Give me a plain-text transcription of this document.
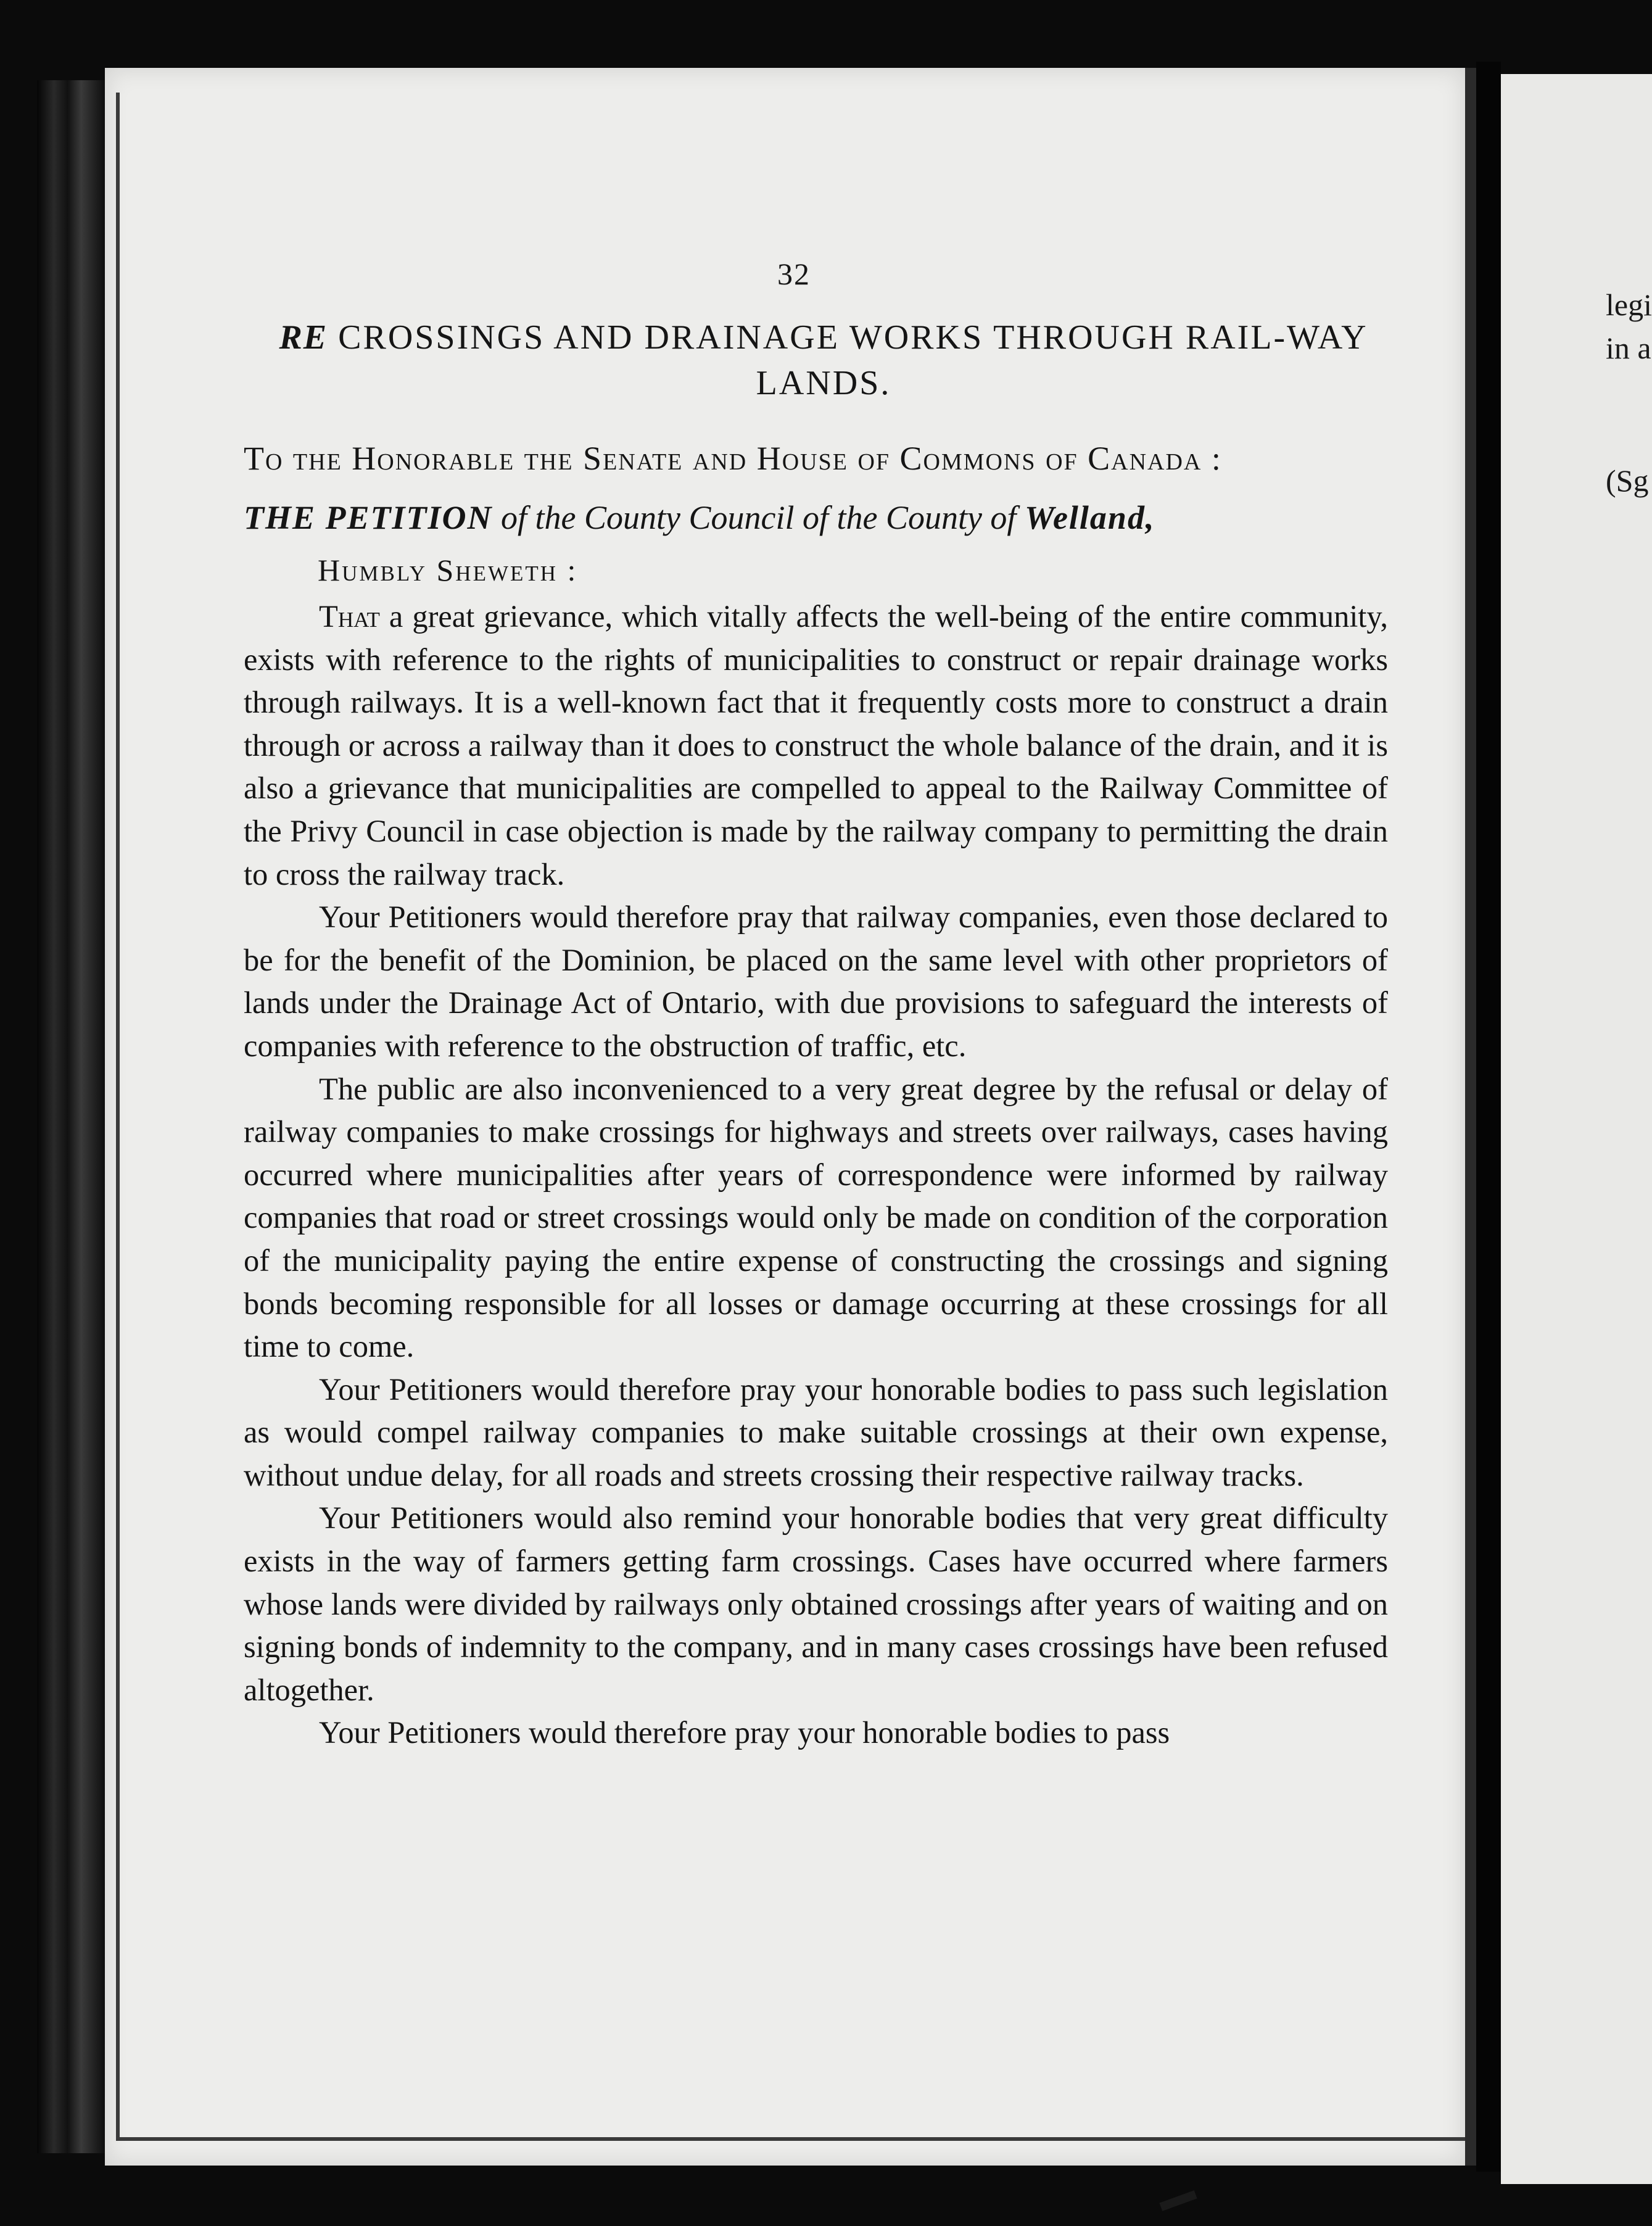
legi
in a
(Sg
32
RE CROSSINGS AND DRAINAGE WORKS THROUGH RAIL-WAY LANDS.
To the Honorable the Senate and House of Commons of Canada :
THE PETITION of the County Council of the County of Welland,
Humbly Sheweth :

That a great grievance, which vitally affects the well-being of the entire community, exists with reference to the rights of municipalities to construct or repair drainage works through railways. It is a well-known fact that it frequently costs more to construct a drain through or across a railway than it does to construct the whole balance of the drain, and it is also a grievance that municipalities are compelled to appeal to the Railway Committee of the Privy Council in case objection is made by the railway company to permitting the drain to cross the railway track.

Your Petitioners would therefore pray that railway companies, even those declared to be for the benefit of the Dominion, be placed on the same level with other proprietors of lands under the Drainage Act of Ontario, with due provisions to safeguard the interests of companies with reference to the obstruction of traffic, etc.

The public are also inconvenienced to a very great degree by the refusal or delay of railway companies to make crossings for highways and streets over railways, cases having occurred where municipalities after years of correspondence were informed by railway companies that road or street crossings would only be made on condition of the corporation of the municipality paying the entire expense of constructing the crossings and signing bonds becoming responsible for all losses or damage occurring at these crossings for all time to come.

Your Petitioners would therefore pray your honorable bodies to pass such legislation as would compel railway companies to make suitable crossings at their own expense, without undue delay, for all roads and streets crossing their respective railway tracks.

Your Petitioners would also remind your honorable bodies that very great difficulty exists in the way of farmers getting farm crossings. Cases have occurred where farmers whose lands were divided by railways only obtained crossings after years of waiting and on signing bonds of indemnity to the company, and in many cases crossings have been refused altogether.

Your Petitioners would therefore pray your honorable bodies to pass
